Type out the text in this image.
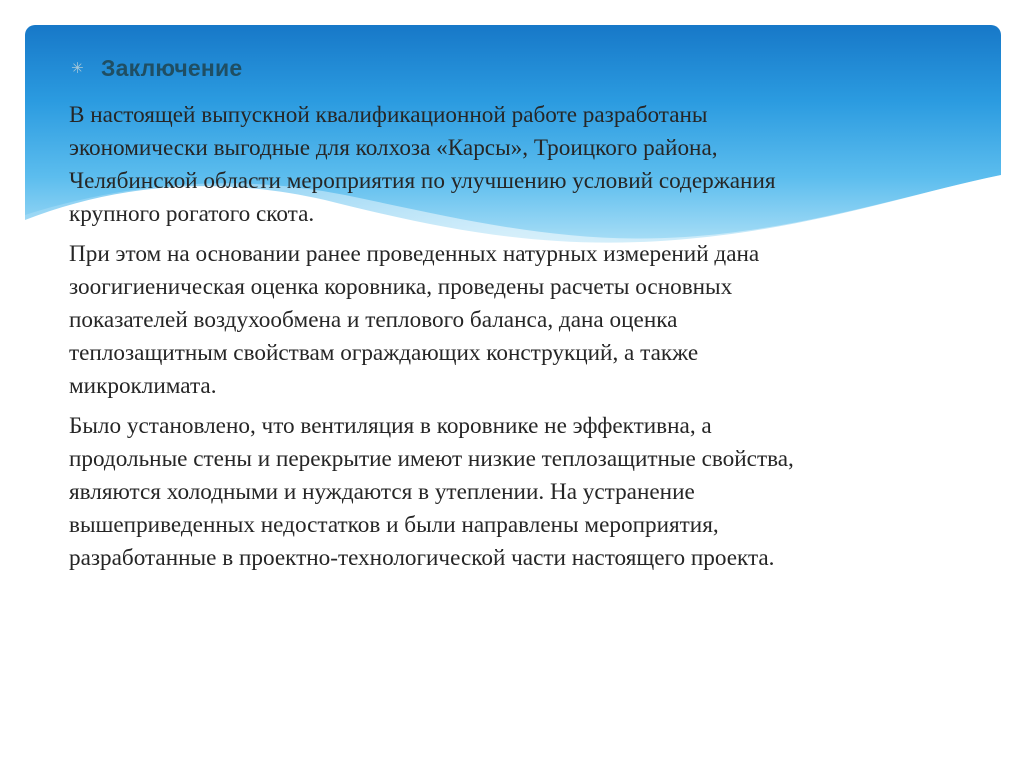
✳ Заключение

В настоящей выпускной квалификационной работе разработаны
экономически выгодные для колхоза «Карсы», Троицкого района,
Челябинской области мероприятия по улучшению условий содержания
крупного рогатого скота.

При этом на основании ранее проведенных натурных измерений дана
зоогигиеническая оценка коровника, проведены расчеты основных
показателей воздухообмена и теплового баланса, дана оценка
теплозащитным свойствам ограждающих конструкций, а также
микроклимата.

Было установлено, что вентиляция в коровнике не эффективна, а
продольные стены и перекрытие имеют низкие теплозащитные свойства,
являются холодными и нуждаются в утеплении. На устранение
вышеприведенных недостатков и были направлены мероприятия,
разработанные в проектно-технологической части настоящего проекта.
